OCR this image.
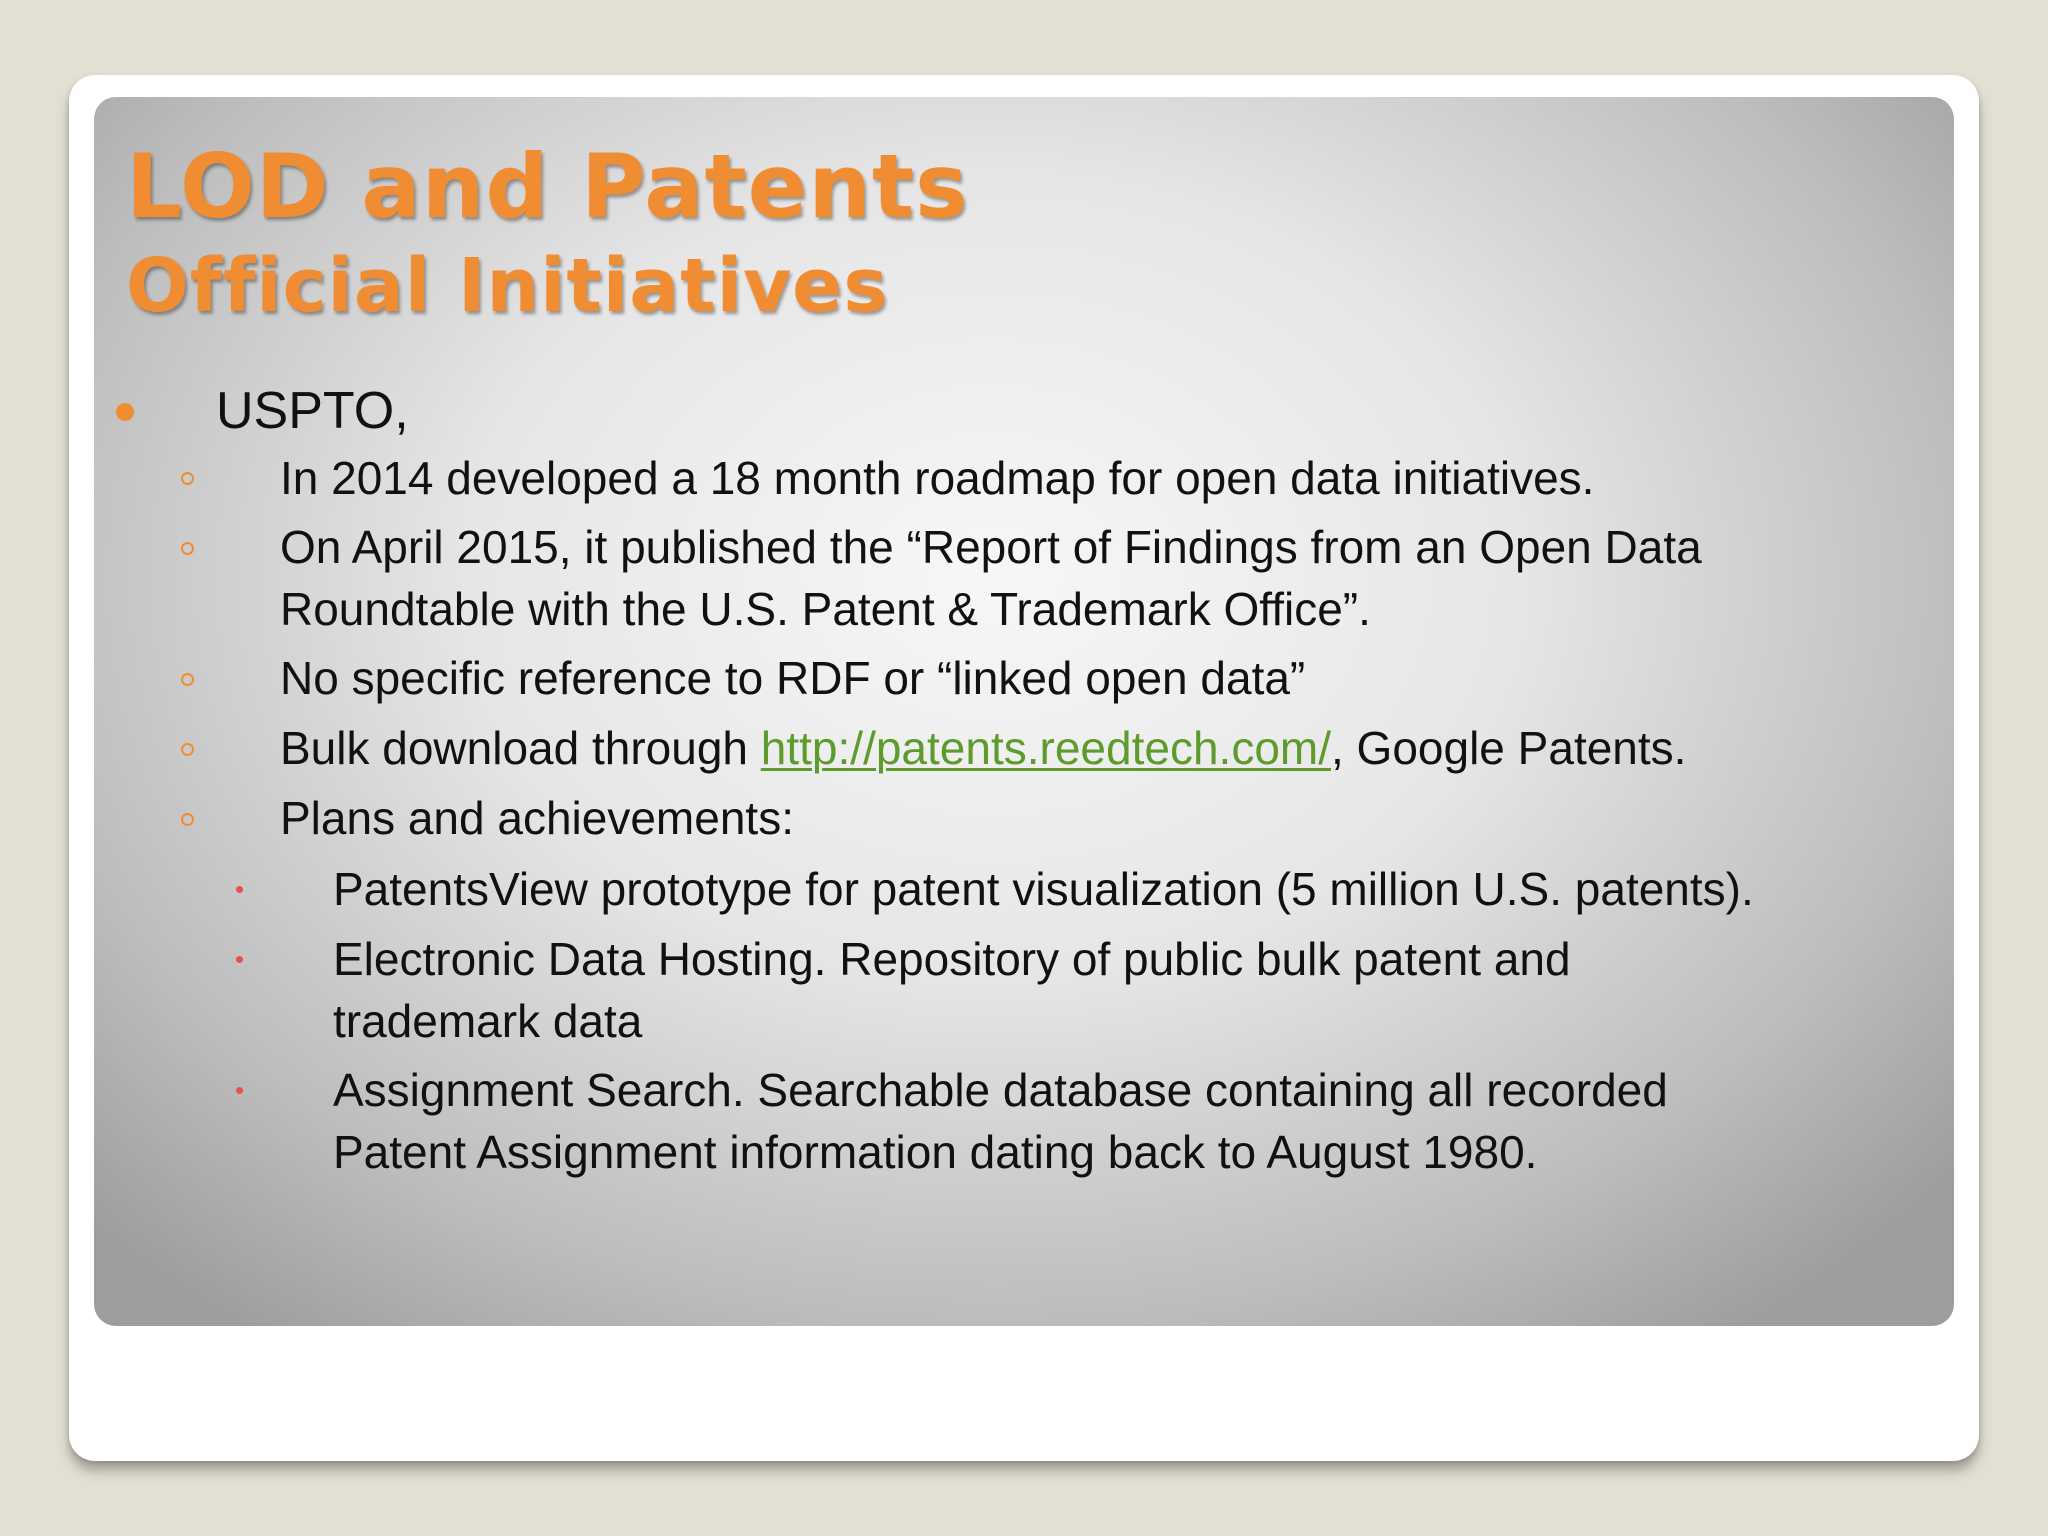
LOD and Patents
Official Initiatives
USPTO,
In 2014 developed a 18 month roadmap for open data initiatives.
On April 2015, it published the “Report of Findings from an Open Data
Roundtable with the U.S. Patent & Trademark Office”.
No specific reference to RDF or “linked open data”
Bulk download through http://patents.reedtech.com/, Google Patents.
Plans and achievements:
PatentsView prototype for patent visualization (5 million U.S. patents).
Electronic Data Hosting. Repository of public bulk patent and
trademark data
Assignment Search. Searchable database containing all recorded
Patent Assignment information dating back to August 1980.
